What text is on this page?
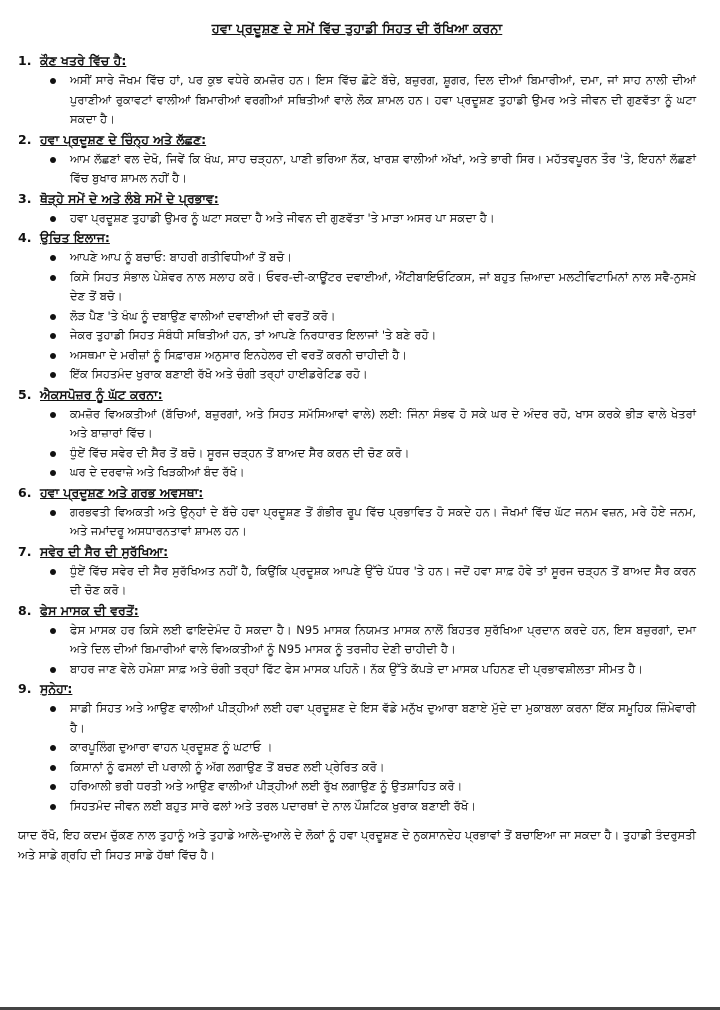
ਹਵਾ ਪ੍ਰਦੂਸ਼ਣ ਦੇ ਸਮੇਂ ਵਿੱਚ ਤੁਹਾਡੀ ਸਿਹਤ ਦੀ ਰੱਖਿਆ ਕਰਨਾ
1. ਕੌਣ ਖਤਰੇ ਵਿੱਚ ਹੈ:
ਅਸੀਂ ਸਾਰੇ ਜੋਖਮ ਵਿੱਚ ਹਾਂ, ਪਰ ਕੁਝ ਵਧੇਰੇ ਕਮਜ਼ੋਰ ਹਨ। ਇਸ ਵਿੱਚ ਛੋਟੇ ਬੱਚੇ, ਬਜ਼ੁਰਗ, ਸ਼ੂਗਰ, ਦਿਲ ਦੀਆਂ ਬਿਮਾਰੀਆਂ, ਦਮਾ, ਜਾਂ ਸਾਹ ਨਾਲੀ ਦੀਆਂ ਪੁਰਾਣੀਆਂ ਰੁਕਾਵਟਾਂ ਵਾਲੀਆਂ ਬਿਮਾਰੀਆਂ ਵਰਗੀਆਂ ਸਥਿਤੀਆਂ ਵਾਲੇ ਲੋਕ ਸ਼ਾਮਲ ਹਨ। ਹਵਾ ਪ੍ਰਦੂਸ਼ਣ ਤੁਹਾਡੀ ਉਮਰ ਅਤੇ ਜੀਵਨ ਦੀ ਗੁਣਵੱਤਾ ਨੂੰ ਘਟਾ ਸਕਦਾ ਹੈ।
2. ਹਵਾ ਪ੍ਰਦੂਸ਼ਣ ਦੇ ਚਿੰਨ੍ਹ ਅਤੇ ਲੱਛਣ:
ਆਮ ਲੱਛਣਾਂ ਵਲ ਦੇਖੋ, ਜਿਵੇਂ ਕਿ ਖੰਘ, ਸਾਹ ਚੜ੍ਹਨਾ, ਪਾਣੀ ਭਰਿਆ ਨੱਕ, ਖਾਰਸ਼ ਵਾਲੀਆਂ ਅੱਖਾਂ, ਅਤੇ ਭਾਰੀ ਸਿਰ। ਮਹੱਤਵਪੂਰਨ ਤੌਰ 'ਤੇ, ਇਹਨਾਂ ਲੱਛਣਾਂ ਵਿੱਚ ਬੁਖਾਰ ਸ਼ਾਮਲ ਨਹੀਂ ਹੈ।
3. ਥੋੜ੍ਹੇ ਸਮੇਂ ਦੇ ਅਤੇ ਲੰਬੇ ਸਮੇਂ ਦੇ ਪ੍ਰਭਾਵ:
ਹਵਾ ਪ੍ਰਦੂਸ਼ਣ ਤੁਹਾਡੀ ਉਮਰ ਨੂੰ ਘਟਾ ਸਕਦਾ ਹੈ ਅਤੇ ਜੀਵਨ ਦੀ ਗੁਣਵੱਤਾ 'ਤੇ ਮਾੜਾ ਅਸਰ ਪਾ ਸਕਦਾ ਹੈ।
4. ਉਚਿਤ ਇਲਾਜ:
ਆਪਣੇ ਆਪ ਨੂੰ ਬਚਾਓ: ਬਾਹਰੀ ਗਤੀਵਿਧੀਆਂ ਤੋਂ ਬਚੋ।
ਕਿਸੇ ਸਿਹਤ ਸੰਭਾਲ ਪੇਸ਼ੇਵਰ ਨਾਲ ਸਲਾਹ ਕਰੋ। ਓਵਰ-ਦੀ-ਕਾਊਂਟਰ ਦਵਾਈਆਂ, ਐਂਟੀਬਾਇਓਟਿਕਸ, ਜਾਂ ਬਹੁਤ ਜ਼ਿਆਦਾ ਮਲਟੀਵਿਟਾਮਿਨਾਂ ਨਾਲ ਸਵੈ-ਨੁਸਖ਼ੇ ਦੇਣ ਤੋਂ ਬਚੋ।
ਲੋੜ ਪੈਣ 'ਤੇ ਖੰਘ ਨੂੰ ਦਬਾਉਣ ਵਾਲੀਆਂ ਦਵਾਈਆਂ ਦੀ ਵਰਤੋਂ ਕਰੋ।
ਜੇਕਰ ਤੁਹਾਡੀ ਸਿਹਤ ਸੰਬੰਧੀ ਸਥਿਤੀਆਂ ਹਨ, ਤਾਂ ਆਪਣੇ ਨਿਰਧਾਰਤ ਇਲਾਜਾਂ 'ਤੇ ਬਣੇ ਰਹੋ।
ਅਸਥਮਾ ਦੇ ਮਰੀਜ਼ਾਂ ਨੂੰ ਸਿਫ਼ਾਰਸ਼ ਅਨੁਸਾਰ ਇਨਹੇਲਰ ਦੀ ਵਰਤੋਂ ਕਰਨੀ ਚਾਹੀਦੀ ਹੈ।
ਇੱਕ ਸਿਹਤਮੰਦ ਖੁਰਾਕ ਬਣਾਈ ਰੱਖੋ ਅਤੇ ਚੰਗੀ ਤਰ੍ਹਾਂ ਹਾਈਡਰੇਟਿਡ ਰਹੋ।
5. ਐਕਸਪੋਜ਼ਰ ਨੂੰ ਘੱਟ ਕਰਨਾ:
ਕਮਜ਼ੋਰ ਵਿਅਕਤੀਆਂ (ਬੱਚਿਆਂ, ਬਜ਼ੁਰਗਾਂ, ਅਤੇ ਸਿਹਤ ਸਮੱਸਿਆਵਾਂ ਵਾਲੇ) ਲਈ: ਜਿੰਨਾ ਸੰਭਵ ਹੋ ਸਕੇ ਘਰ ਦੇ ਅੰਦਰ ਰਹੋ, ਖਾਸ ਕਰਕੇ ਭੀੜ ਵਾਲੇ ਖੇਤਰਾਂ ਅਤੇ ਬਾਜ਼ਾਰਾਂ ਵਿੱਚ।
ਧੁੰਏਂ ਵਿੱਚ ਸਵੇਰ ਦੀ ਸੈਰ ਤੋਂ ਬਚੋ। ਸੂਰਜ ਚੜ੍ਹਨ ਤੋਂ ਬਾਅਦ ਸੈਰ ਕਰਨ ਦੀ ਚੋਣ ਕਰੋ।
ਘਰ ਦੇ ਦਰਵਾਜ਼ੇ ਅਤੇ ਖਿੜਕੀਆਂ ਬੰਦ ਰੱਖੋ।
6. ਹਵਾ ਪ੍ਰਦੂਸ਼ਣ ਅਤੇ ਗਰਭ ਅਵਸਥਾ:
ਗਰਭਵਤੀ ਵਿਅਕਤੀ ਅਤੇ ਉਨ੍ਹਾਂ ਦੇ ਬੱਚੇ ਹਵਾ ਪ੍ਰਦੂਸ਼ਣ ਤੋਂ ਗੰਭੀਰ ਰੂਪ ਵਿੱਚ ਪ੍ਰਭਾਵਿਤ ਹੋ ਸਕਦੇ ਹਨ। ਜੋਖਮਾਂ ਵਿੱਚ ਘੱਟ ਜਨਮ ਵਜ਼ਨ, ਮਰੇ ਹੋਏ ਜਨਮ, ਅਤੇ ਜਮਾਂਦਰੂ ਅਸਧਾਰਨਤਾਵਾਂ ਸ਼ਾਮਲ ਹਨ।
7. ਸਵੇਰ ਦੀ ਸੈਰ ਦੀ ਸੁਰੱਖਿਆ:
ਧੁੰਏਂ ਵਿੱਚ ਸਵੇਰ ਦੀ ਸੈਰ ਸੁਰੱਖਿਅਤ ਨਹੀਂ ਹੈ, ਕਿਉਂਕਿ ਪ੍ਰਦੂਸ਼ਕ ਆਪਣੇ ਉੱਚੇ ਪੱਧਰ 'ਤੇ ਹਨ। ਜਦੋਂ ਹਵਾ ਸਾਫ਼ ਹੋਵੇ ਤਾਂ ਸੂਰਜ ਚੜ੍ਹਨ ਤੋਂ ਬਾਅਦ ਸੈਰ ਕਰਨ ਦੀ ਚੋਣ ਕਰੋ।
8. ਫੇਸ ਮਾਸਕ ਦੀ ਵਰਤੋਂ:
ਫੇਸ ਮਾਸਕ ਹਰ ਕਿਸੇ ਲਈ ਫਾਇਦੇਮੰਦ ਹੋ ਸਕਦਾ ਹੈ। N95 ਮਾਸਕ ਨਿਯਮਤ ਮਾਸਕ ਨਾਲੋਂ ਬਿਹਤਰ ਸੁਰੱਖਿਆ ਪ੍ਰਦਾਨ ਕਰਦੇ ਹਨ, ਇਸ ਬਜ਼ੁਰਗਾਂ, ਦਮਾ ਅਤੇ ਦਿਲ ਦੀਆਂ ਬਿਮਾਰੀਆਂ ਵਾਲੇ ਵਿਅਕਤੀਆਂ ਨੂੰ N95 ਮਾਸਕ ਨੂੰ ਤਰਜੀਹ ਦੇਣੀ ਚਾਹੀਦੀ ਹੈ।
ਬਾਹਰ ਜਾਣ ਵੇਲੇ ਹਮੇਸ਼ਾ ਸਾਫ਼ ਅਤੇ ਚੰਗੀ ਤਰ੍ਹਾਂ ਫਿੱਟ ਫੇਸ ਮਾਸਕ ਪਹਿਨੋ। ਨੱਕ ਉੱਤੇ ਕੱਪੜੇ ਦਾ ਮਾਸਕ ਪਹਿਨਣ ਦੀ ਪ੍ਰਭਾਵਸ਼ੀਲਤਾ ਸੀਮਤ ਹੈ।
9. ਸੁਨੇਹਾ:
ਸਾਡੀ ਸਿਹਤ ਅਤੇ ਆਉਣ ਵਾਲੀਆਂ ਪੀੜ੍ਹੀਆਂ ਲਈ ਹਵਾ ਪ੍ਰਦੂਸ਼ਣ ਦੇ ਇਸ ਵੱਡੇ ਮਨੁੱਖ ਦੁਆਰਾ ਬਣਾਏ ਮੁੱਦੇ ਦਾ ਮੁਕਾਬਲਾ ਕਰਨਾ ਇੱਕ ਸਮੂਹਿਕ ਜ਼ਿੰਮੇਵਾਰੀ ਹੈ।
ਕਾਰਪੂਲਿੰਗ ਦੁਆਰਾ ਵਾਹਨ ਪ੍ਰਦੂਸ਼ਣ ਨੂੰ ਘਟਾਓ ।
ਕਿਸਾਨਾਂ ਨੂੰ ਫਸਲਾਂ ਦੀ ਪਰਾਲੀ ਨੂੰ ਅੱਗ ਲਗਾਉਣ ਤੋਂ ਬਚਣ ਲਈ ਪ੍ਰੇਰਿਤ ਕਰੋ।
ਹਰਿਆਲੀ ਭਰੀ ਧਰਤੀ ਅਤੇ ਆਉਣ ਵਾਲੀਆਂ ਪੀੜ੍ਹੀਆਂ ਲਈ ਰੁੱਖ ਲਗਾਉਣ ਨੂੰ ਉਤਸ਼ਾਹਿਤ ਕਰੋ।
ਸਿਹਤਮੰਦ ਜੀਵਨ ਲਈ ਬਹੁਤ ਸਾਰੇ ਫਲਾਂ ਅਤੇ ਤਰਲ ਪਦਾਰਥਾਂ ਦੇ ਨਾਲ ਪੌਸ਼ਟਿਕ ਖੁਰਾਕ ਬਣਾਈ ਰੱਖੋ।
ਯਾਦ ਰੱਖੋ, ਇਹ ਕਦਮ ਚੁੱਕਣ ਨਾਲ ਤੁਹਾਨੂੰ ਅਤੇ ਤੁਹਾਡੇ ਆਲੇ-ਦੁਆਲੇ ਦੇ ਲੋਕਾਂ ਨੂੰ ਹਵਾ ਪ੍ਰਦੂਸ਼ਣ ਦੇ ਨੁਕਸਾਨਦੇਹ ਪ੍ਰਭਾਵਾਂ ਤੋਂ ਬਚਾਇਆ ਜਾ ਸਕਦਾ ਹੈ। ਤੁਹਾਡੀ ਤੰਦਰੁਸਤੀ ਅਤੇ ਸਾਡੇ ਗ੍ਰਹਿ ਦੀ ਸਿਹਤ ਸਾਡੇ ਹੱਥਾਂ ਵਿੱਚ ਹੈ।
